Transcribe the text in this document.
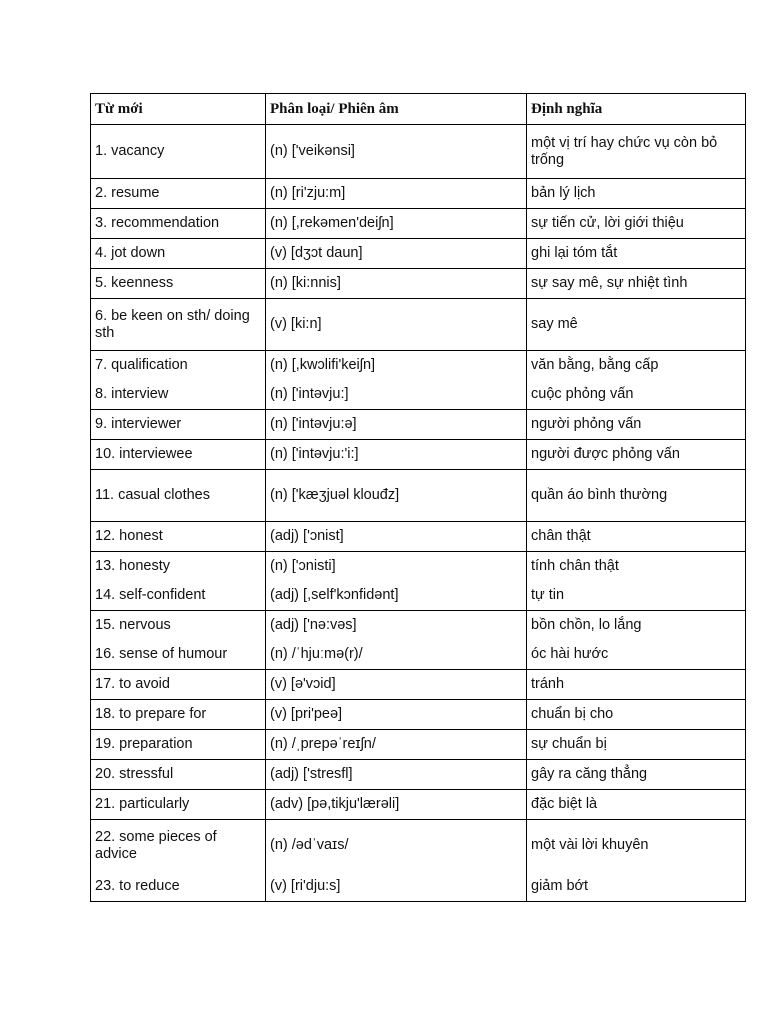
Từ mới	Phân loại/ Phiên âm	Định nghĩa
1. vacancy	(n) ['veikənsi]	một vị trí hay chức vụ còn bỏ trống
2. resume	(n) [ri'zju:m]	bản lý lịch
3. recommendation	(n) [,rekəmen'deiʃn]	sự tiến cử, lời giới thiệu
4. jot down	(v) [dʒɔt daun]	ghi lại tóm tắt
5. keenness	(n) [ki:nnis]	sự say mê, sự nhiệt tình
6. be keen on sth/ doing sth	(v) [ki:n]	say mê
7. qualification	(n) [,kwɔlifi'keiʃn]	văn bằng, bằng cấp
8. interview	(n) ['intəvju:]	cuộc phỏng vấn
9. interviewer	(n) ['intəvju:ə]	người phỏng vấn
10. interviewee	(n) ['intəvju:'i:]	người được phỏng vấn
11. casual clothes	(n) ['kæʒjuəl klouđz]	quần áo bình thường
12. honest	(adj) ['ɔnist]	chân thật
13. honesty	(n) ['ɔnisti]	tính chân thật
14. self-confident	(adj) [,self'kɔnfidənt]	tự tin
15. nervous	(adj) ['nə:vəs]	bồn chồn, lo lắng
16. sense of humour	(n) /ˈhjuːmə(r)/	óc hài hước
17. to avoid	(v) [ə'vɔid]	tránh
18. to prepare for	(v) [pri'peə]	chuẩn bị cho
19. preparation	(n) /ˌprepəˈreɪʃn/	sự chuẩn bị
20. stressful	(adj) ['stresfl]	gây ra căng thẳng
21. particularly	(adv) [pə,tikju'lærəli]	đặc biệt là
22. some pieces of advice	(n) /ədˈvaɪs/	một vài lời khuyên
23. to reduce	(v) [ri'dju:s]	giảm bớt
